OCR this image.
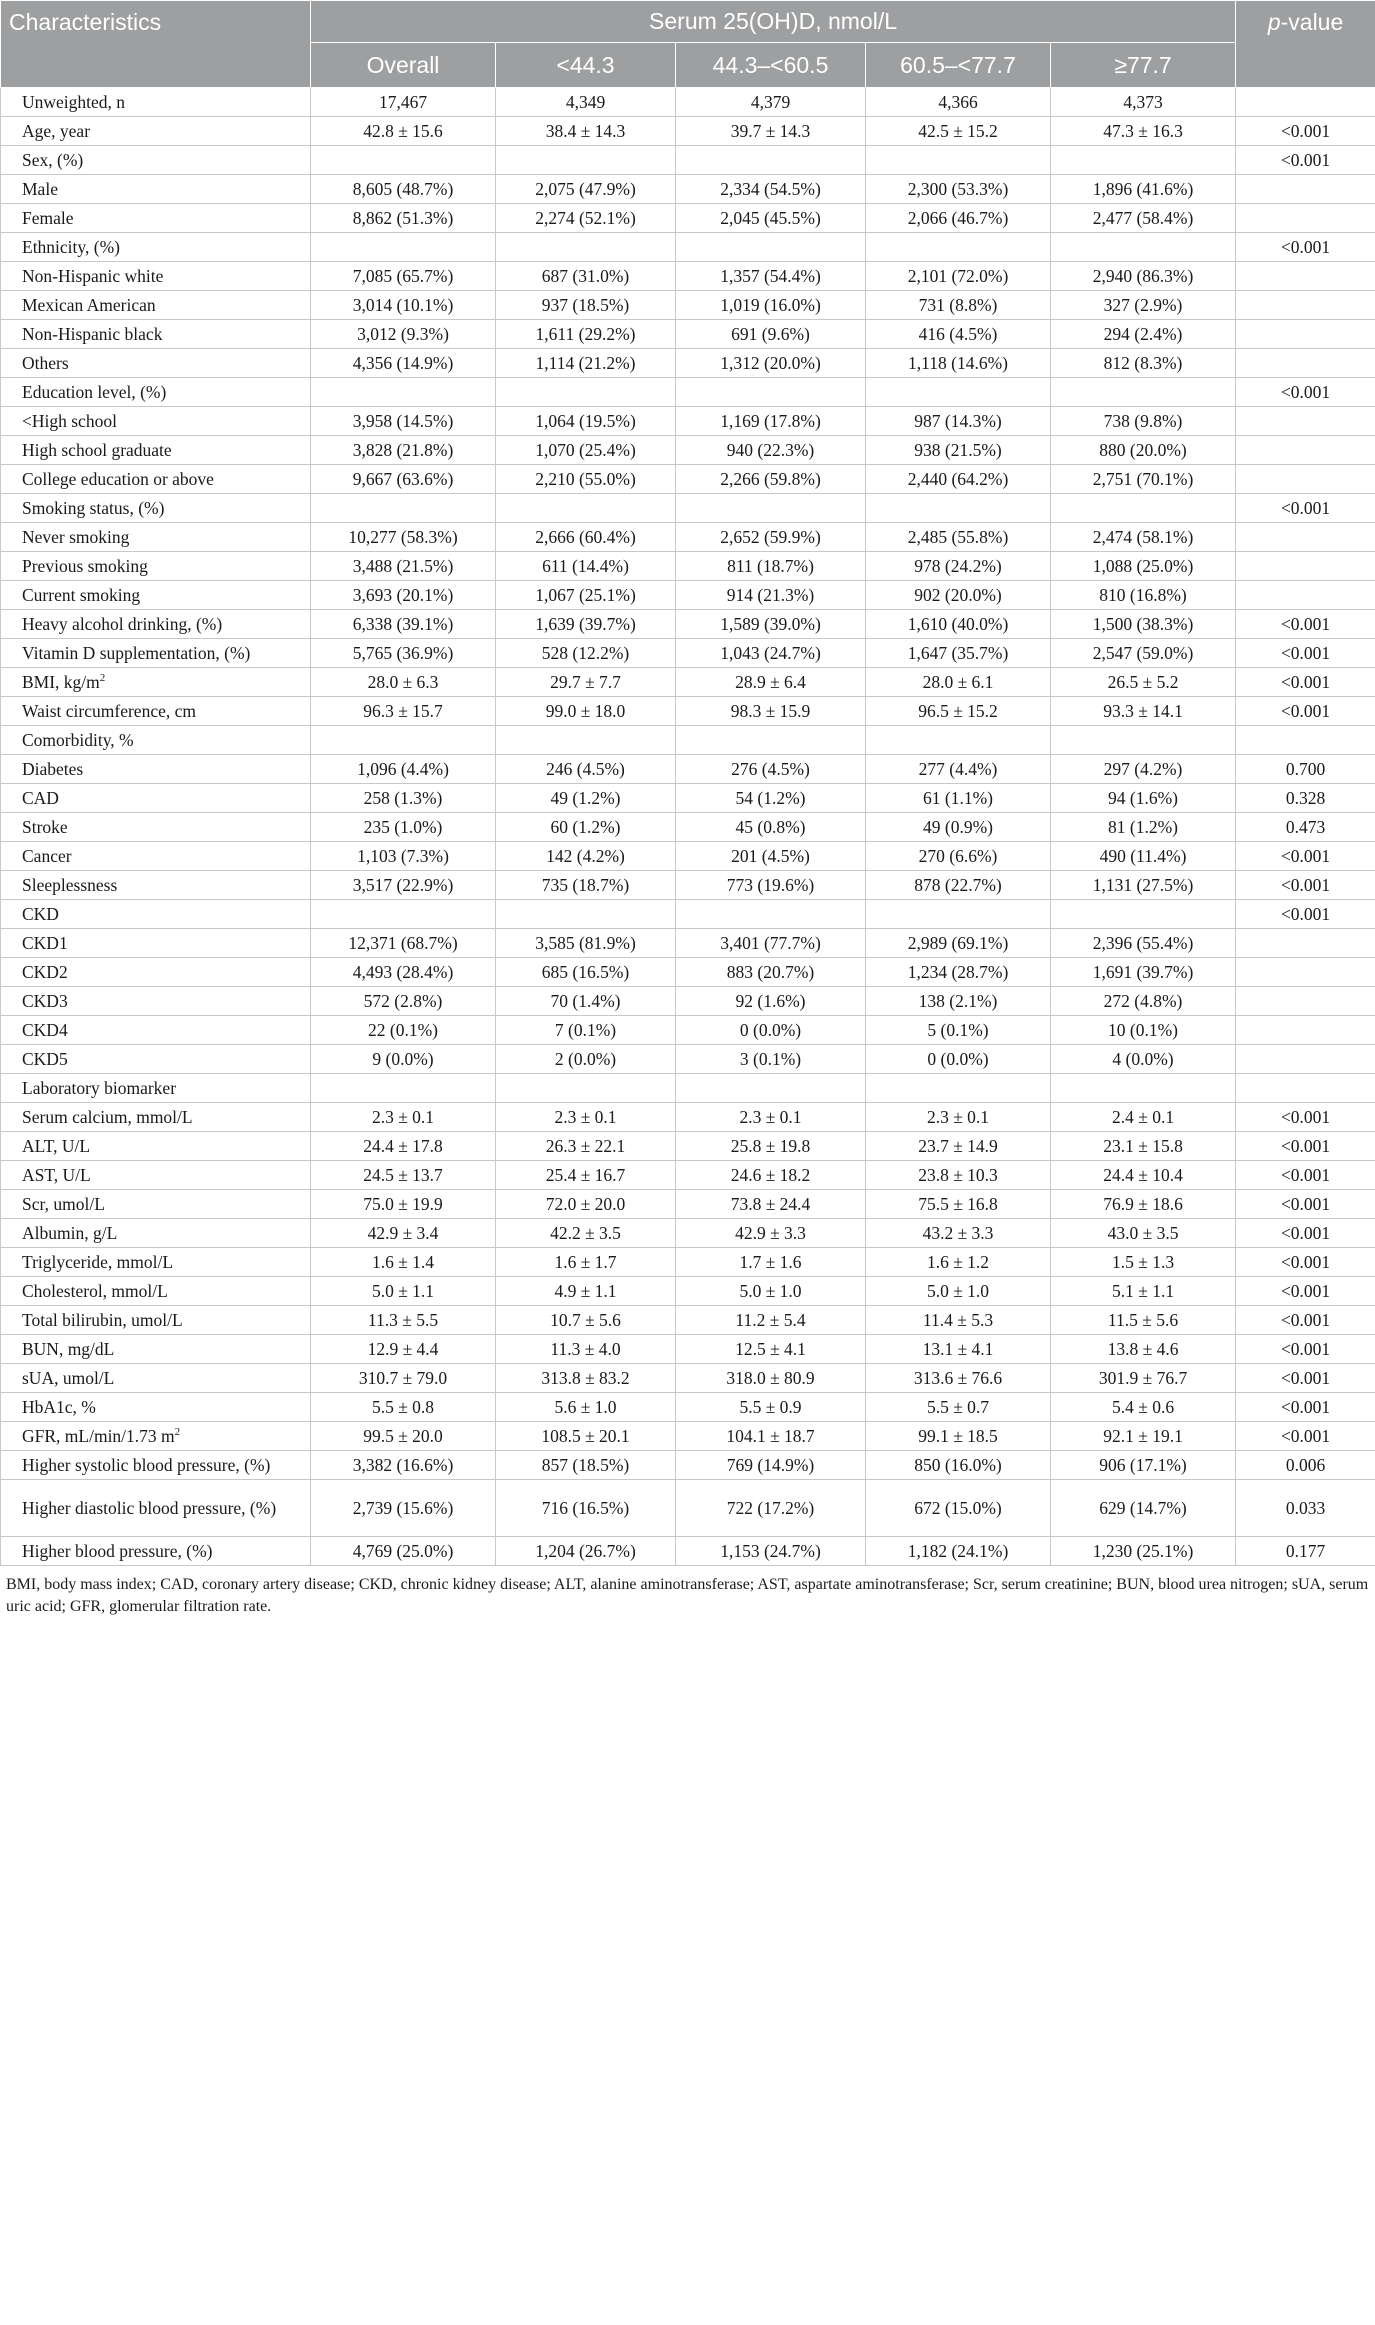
Characteristics	Serum 25(OH)D, nmol/L					p-value
	Overall	<44.3	44.3–<60.5	60.5–<77.7	≥77.7	
Unweighted, n	17,467	4,349	4,379	4,366	4,373	
Age, year	42.8 ± 15.6	38.4 ± 14.3	39.7 ± 14.3	42.5 ± 15.2	47.3 ± 16.3	<0.001
Sex, (%)						<0.001
Male	8,605 (48.7%)	2,075 (47.9%)	2,334 (54.5%)	2,300 (53.3%)	1,896 (41.6%)	
Female	8,862 (51.3%)	2,274 (52.1%)	2,045 (45.5%)	2,066 (46.7%)	2,477 (58.4%)	
Ethnicity, (%)						<0.001
Non-Hispanic white	7,085 (65.7%)	687 (31.0%)	1,357 (54.4%)	2,101 (72.0%)	2,940 (86.3%)	
Mexican American	3,014 (10.1%)	937 (18.5%)	1,019 (16.0%)	731 (8.8%)	327 (2.9%)	
Non-Hispanic black	3,012 (9.3%)	1,611 (29.2%)	691 (9.6%)	416 (4.5%)	294 (2.4%)	
Others	4,356 (14.9%)	1,114 (21.2%)	1,312 (20.0%)	1,118 (14.6%)	812 (8.3%)	
Education level, (%)						<0.001
<High school	3,958 (14.5%)	1,064 (19.5%)	1,169 (17.8%)	987 (14.3%)	738 (9.8%)	
High school graduate	3,828 (21.8%)	1,070 (25.4%)	940 (22.3%)	938 (21.5%)	880 (20.0%)	
College education or above	9,667 (63.6%)	2,210 (55.0%)	2,266 (59.8%)	2,440 (64.2%)	2,751 (70.1%)	
Smoking status, (%)						<0.001
Never smoking	10,277 (58.3%)	2,666 (60.4%)	2,652 (59.9%)	2,485 (55.8%)	2,474 (58.1%)	
Previous smoking	3,488 (21.5%)	611 (14.4%)	811 (18.7%)	978 (24.2%)	1,088 (25.0%)	
Current smoking	3,693 (20.1%)	1,067 (25.1%)	914 (21.3%)	902 (20.0%)	810 (16.8%)	
Heavy alcohol drinking, (%)	6,338 (39.1%)	1,639 (39.7%)	1,589 (39.0%)	1,610 (40.0%)	1,500 (38.3%)	<0.001
Vitamin D supplementation, (%)	5,765 (36.9%)	528 (12.2%)	1,043 (24.7%)	1,647 (35.7%)	2,547 (59.0%)	<0.001
BMI, $kg/m^2$	28.0 ± 6.3	29.7 ± 7.7	28.9 ± 6.4	28.0 ± 6.1	26.5 ± 5.2	<0.001
Waist circumference, cm	96.3 ± 15.7	99.0 ± 18.0	98.3 ± 15.9	96.5 ± 15.2	93.3 ± 14.1	<0.001
Comorbidity, %						
Diabetes	1,096 (4.4%)	246 (4.5%)	276 (4.5%)	277 (4.4%)	297 (4.2%)	0.700
CAD	258 (1.3%)	49 (1.2%)	54 (1.2%)	61 (1.1%)	94 (1.6%)	0.328
Stroke	235 (1.0%)	60 (1.2%)	45 (0.8%)	49 (0.9%)	81 (1.2%)	0.473
Cancer	1,103 (7.3%)	142 (4.2%)	201 (4.5%)	270 (6.6%)	490 (11.4%)	<0.001
Sleeplessness	3,517 (22.9%)	735 (18.7%)	773 (19.6%)	878 (22.7%)	1,131 (27.5%)	<0.001
CKD						<0.001
CKD1	12,371 (68.7%)	3,585 (81.9%)	3,401 (77.7%)	2,989 (69.1%)	2,396 (55.4%)	
CKD2	4,493 (28.4%)	685 (16.5%)	883 (20.7%)	1,234 (28.7%)	1,691 (39.7%)	
CKD3	572 (2.8%)	70 (1.4%)	92 (1.6%)	138 (2.1%)	272 (4.8%)	
CKD4	22 (0.1%)	7 (0.1%)	0 (0.0%)	5 (0.1%)	10 (0.1%)	
CKD5	9 (0.0%)	2 (0.0%)	3 (0.1%)	0 (0.0%)	4 (0.0%)	
Laboratory biomarker						
Serum calcium, mmol/L	2.3 ± 0.1	2.3 ± 0.1	2.3 ± 0.1	2.3 ± 0.1	2.4 ± 0.1	<0.001
ALT, U/L	24.4 ± 17.8	26.3 ± 22.1	25.8 ± 19.8	23.7 ± 14.9	23.1 ± 15.8	<0.001
AST, U/L	24.5 ± 13.7	25.4 ± 16.7	24.6 ± 18.2	23.8 ± 10.3	24.4 ± 10.4	<0.001
Scr, umol/L	75.0 ± 19.9	72.0 ± 20.0	73.8 ± 24.4	75.5 ± 16.8	76.9 ± 18.6	<0.001
Albumin, g/L	42.9 ± 3.4	42.2 ± 3.5	42.9 ± 3.3	43.2 ± 3.3	43.0 ± 3.5	<0.001
Triglyceride, mmol/L	1.6 ± 1.4	1.6 ± 1.7	1.7 ± 1.6	1.6 ± 1.2	1.5 ± 1.3	<0.001
Cholesterol, mmol/L	5.0 ± 1.1	4.9 ± 1.1	5.0 ± 1.0	5.0 ± 1.0	5.1 ± 1.1	<0.001
Total bilirubin, umol/L	11.3 ± 5.5	10.7 ± 5.6	11.2 ± 5.4	11.4 ± 5.3	11.5 ± 5.6	<0.001
BUN, mg/dL	12.9 ± 4.4	11.3 ± 4.0	12.5 ± 4.1	13.1 ± 4.1	13.8 ± 4.6	<0.001
sUA, umol/L	310.7 ± 79.0	313.8 ± 83.2	318.0 ± 80.9	313.6 ± 76.6	301.9 ± 76.7	<0.001
HbA1c, %	5.5 ± 0.8	5.6 ± 1.0	5.5 ± 0.9	5.5 ± 0.7	5.4 ± 0.6	<0.001
GFR, mL/min/1.73 $m^2$	99.5 ± 20.0	108.5 ± 20.1	104.1 ± 18.7	99.1 ± 18.5	92.1 ± 19.1	<0.001
Higher systolic blood pressure, (%)	3,382 (16.6%)	857 (18.5%)	769 (14.9%)	850 (16.0%)	906 (17.1%)	0.006
Higher diastolic blood pressure, (%)	2,739 (15.6%)	716 (16.5%)	722 (17.2%)	672 (15.0%)	629 (14.7%)	0.033
Higher blood pressure, (%)	4,769 (25.0%)	1,204 (26.7%)	1,153 (24.7%)	1,182 (24.1%)	1,230 (25.1%)	0.177
BMI, body mass index; CAD, coronary artery disease; CKD, chronic kidney disease; ALT, alanine aminotransferase; AST, aspartate aminotransferase; Scr, serum creatinine; BUN, blood urea nitrogen; sUA, serum uric acid; GFR, glomerular filtration rate.
